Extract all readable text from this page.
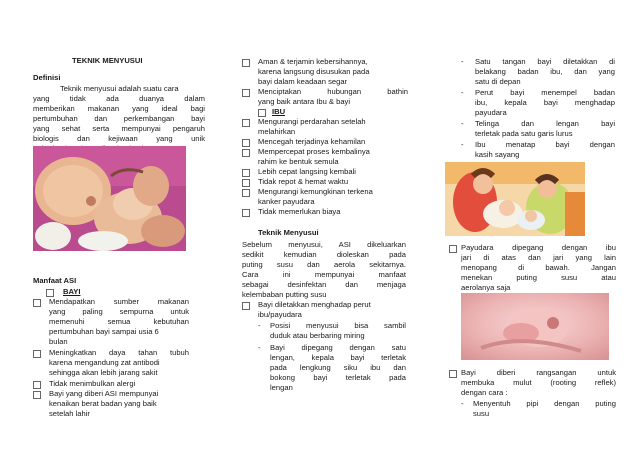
TEKNIK MENYUSUI
Definisi
Teknik menyusui adalah suatu cara
yang tidak ada duanya dalam
memberikan makanan yang ideal bagi
pertumbuhan dan perkembangan bayi
yang sehat serta mempunyai pengaruh
biologis dan kejiwaan yang unik
Manfaat ASI
BAYI
Mendapatkan sumber makanan
yang paling sempurna untuk
memenuhi semua kebutuhan
pertumbuhan bayi sampai usia 6
bulan
Meningkatkan daya tahan tubuh
karena mengandung zat antibodi
sehingga akan lebih jarang sakit
Tidak menimbulkan alergi
Bayi yang diberi ASI mempunyai
kenaikan berat badan yang baik
setelah lahir
Aman & terjamin kebersihannya,
karena langsung disusukan pada
bayi dalam keadaan segar
Menciptakan hubungan bathin
yang baik antara Ibu & bayi
IBU
Mengurangi perdarahan setelah
melahirkan
Mencegah terjadinya kehamilan
Mempercepat proses kembalinya
rahim ke bentuk semula
Lebih cepat langsing kembali
Tidak repot & hemat waktu
Mengurangi kemungkinan terkena
kanker payudara
Tidak memerlukan biaya
Teknik Menyusui
Sebelum menyusui, ASI dikeluarkan
sedikit kemudian dioleskan pada
puting susu dan aerola sekitarnya.
Cara ini mempunyai manfaat
sebagai desinfektan dan menjaga
kelembaban putting susu
Bayi diletakkan menghadap perut
ibu/payudara
- Posisi menyusui bisa sambil
duduk atau berbaring miring
- Bayi dipegang dengan satu
lengan, kepala bayi terletak
pada lengkung siku ibu dan
bokong bayi terletak pada
lengan
- Satu tangan bayi diletakkan di
belakang badan ibu, dan yang
satu di depan
- Perut bayi menempel badan
ibu, kepala bayi menghadap
payudara
- Telinga dan lengan bayi
terletak pada satu garis lurus
- Ibu menatap bayi dengan
kasih sayang
Payudara dipegang dengan ibu
jari di atas dan jari yang lain
menopang di bawah. Jangan
menekan puting susu atau
aerolanya saja
Bayi diberi rangsangan untuk
membuka mulut (rooting reflek)
dengan cara :
- Menyentuh pipi dengan puting
susu
